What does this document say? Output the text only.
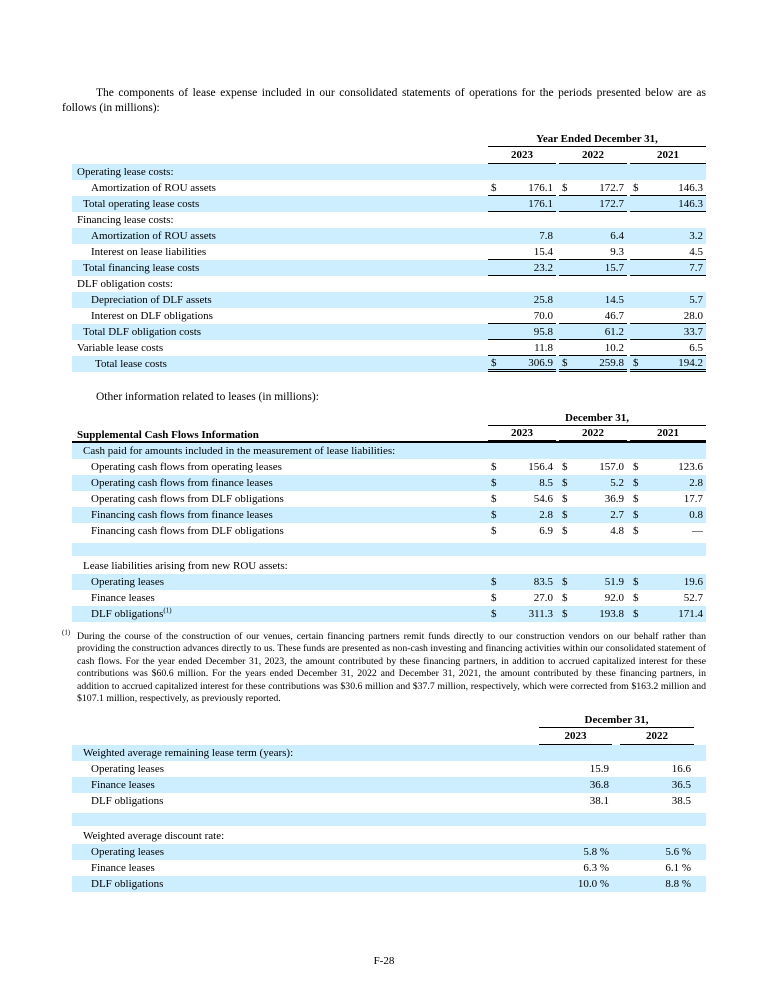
The components of lease expense included in our consolidated statements of operations for the periods presented below are as follows (in millions):

Year Ended December 31,
2023	2022	2021
Operating lease costs:
Amortization of ROU assets	$	176.1 $	172.7 $	146.3
Total operating lease costs	176.1	172.7	146.3
Financing lease costs:
Amortization of ROU assets	7.8	6.4	3.2
Interest on lease liabilities	15.4	9.3	4.5
Total financing lease costs	23.2	15.7	7.7
DLF obligation costs:
Depreciation of DLF assets	25.8	14.5	5.7
Interest on DLF obligations	70.0	46.7	28.0
Total DLF obligation costs	95.8	61.2	33.7
Variable lease costs	11.8	10.2	6.5
Total lease costs	$	306.9 $	259.8 $	194.2

Other information related to leases (in millions):

December 31,
Supplemental Cash Flows Information	2023	2022	2021
Cash paid for amounts included in the measurement of lease liabilities:
Operating cash flows from operating leases	$	156.4 $	157.0 $	123.6
Operating cash flows from finance leases	$	8.5 $	5.2 $	2.8
Operating cash flows from DLF obligations	$	54.6 $	36.9 $	17.7
Financing cash flows from finance leases	$	2.8 $	2.7 $	0.8
Financing cash flows from DLF obligations	$	6.9 $	4.8 $	—
Lease liabilities arising from new ROU assets:
Operating leases	$	83.5 $	51.9 $	19.6
Finance leases	$	27.0 $	92.0 $	52.7
DLF obligations$^{(1)}$	$	311.3 $	193.8 $	171.4
$^{(1)}$ During the course of the construction of our venues, certain financing partners remit funds directly to our construction vendors on our behalf rather than providing the construction advances directly to us. These funds are presented as non-cash investing and financing activities within our consolidated statement of cash flows. For the year ended December 31, 2023, the amount contributed by these financing partners, in addition to accrued capitalized interest for these contributions was $60.6 million. For the years ended December 31, 2022 and December 31, 2021, the amount contributed by these financing partners, in addition to accrued capitalized interest for these contributions was $30.6 million and $37.7 million, respectively, which were corrected from $163.2 million and $107.1 million, respectively, as previously reported.
December 31,
2023	2022
Weighted average remaining lease term (years):
Operating leases	15.9	16.6
Finance leases	36.8	36.5
DLF obligations	38.1	38.5
Weighted average discount rate:
Operating leases	5.8 %	5.6 %
Finance leases	6.3 %	6.1 %
DLF obligations	10.0 %	8.8 %
F-28
